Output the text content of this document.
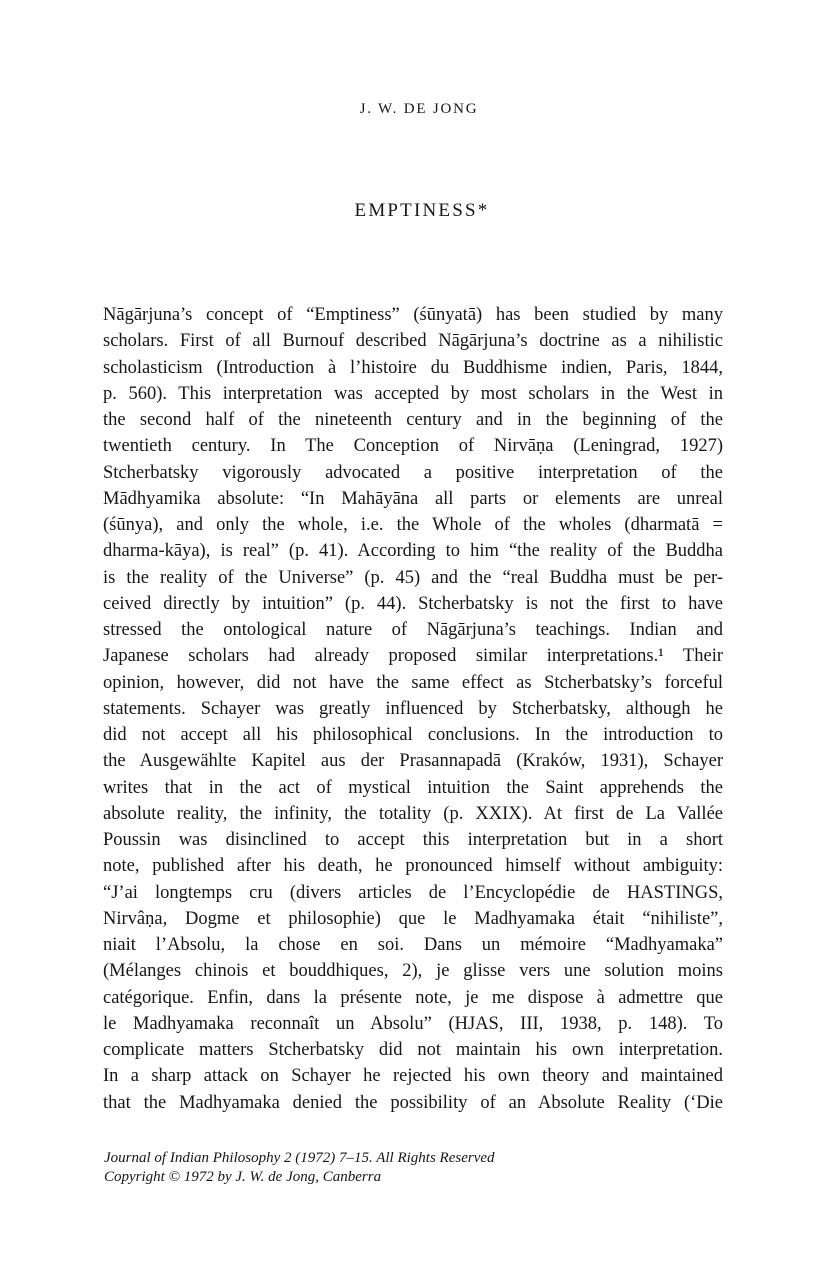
J. W. DE JONG
EMPTINESS*
Nāgārjuna’s concept of “Emptiness” (śūnyatā) has been studied by many
scholars. First of all Burnouf described Nāgārjuna’s doctrine as a nihilistic
scholasticism (Introduction à l’histoire du Buddhisme indien, Paris, 1844,
p. 560). This interpretation was accepted by most scholars in the West in
the second half of the nineteenth century and in the beginning of the
twentieth century. In The Conception of Nirvāṇa (Leningrad, 1927)
Stcherbatsky vigorously advocated a positive interpretation of the
Mādhyamika absolute: “In Mahāyāna all parts or elements are unreal
(śūnya), and only the whole, i.e. the Whole of the wholes (dharmatā =
dharma-kāya), is real” (p. 41). According to him “the reality of the Buddha
is the reality of the Universe” (p. 45) and the “real Buddha must be per-
ceived directly by intuition” (p. 44). Stcherbatsky is not the first to have
stressed the ontological nature of Nāgārjuna’s teachings. Indian and
Japanese scholars had already proposed similar interpretations.¹ Their
opinion, however, did not have the same effect as Stcherbatsky’s forceful
statements. Schayer was greatly influenced by Stcherbatsky, although he
did not accept all his philosophical conclusions. In the introduction to
the Ausgewählte Kapitel aus der Prasannapadā (Kraków, 1931), Schayer
writes that in the act of mystical intuition the Saint apprehends the
absolute reality, the infinity, the totality (p. XXIX). At first de La Vallée
Poussin was disinclined to accept this interpretation but in a short
note, published after his death, he pronounced himself without ambiguity:
“J’ai longtemps cru (divers articles de l’Encyclopédie de HASTINGS,
Nirvâṇa, Dogme et philosophie) que le Madhyamaka était “nihiliste”,
niait l’Absolu, la chose en soi. Dans un mémoire “Madhyamaka”
(Mélanges chinois et bouddhiques, 2), je glisse vers une solution moins
catégorique. Enfin, dans la présente note, je me dispose à admettre que
le Madhyamaka reconnaît un Absolu” (HJAS, III, 1938, p. 148). To
complicate matters Stcherbatsky did not maintain his own interpretation.
In a sharp attack on Schayer he rejected his own theory and maintained
that the Madhyamaka denied the possibility of an Absolute Reality (‘Die
Journal of Indian Philosophy 2 (1972) 7–15. All Rights Reserved
Copyright © 1972 by J. W. de Jong, Canberra
